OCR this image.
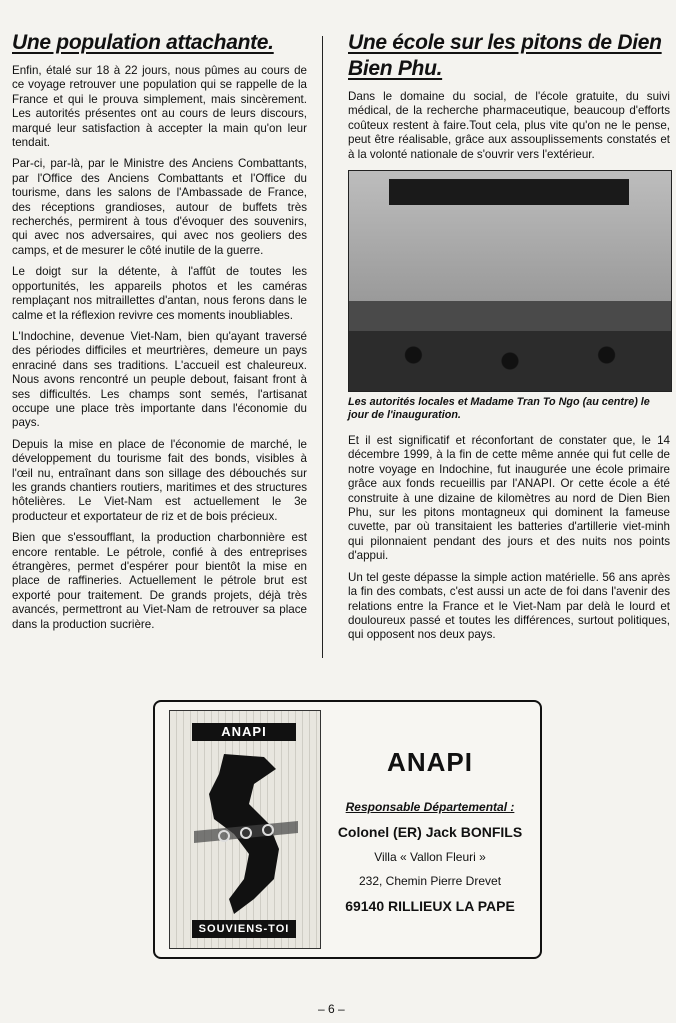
Une population attachante.

Enfin, étalé sur 18 à 22 jours, nous pûmes au cours de ce voyage retrouver une population qui se rappelle de la France et qui le prouva simplement, mais sincèrement. Les autorités présentes ont au cours de leurs discours, marqué leur satisfaction à accepter la main qu'on leur tendait.

Par-ci, par-là, par le Ministre des Anciens Combattants, par l'Office des Anciens Combattants et l'Office du tourisme, dans les salons de l'Ambassade de France, des réceptions grandioses, autour de buffets très recherchés, permirent à tous d'évoquer des souvenirs, qui avec nos adversaires, qui avec nos geoliers des camps, et de mesurer le côté inutile de la guerre.

Le doigt sur la détente, à l'affût de toutes les opportunités, les appareils photos et les caméras remplaçant nos mitraillettes d'antan, nous ferons dans le calme et la réflexion revivre ces moments inoubliables.

L'Indochine, devenue Viet-Nam, bien qu'ayant traversé des périodes difficiles et meurtrières, demeure un pays enraciné dans ses traditions. L'accueil est chaleureux. Nous avons rencontré un peuple debout, faisant front à ses difficultés. Les champs sont semés, l'artisanat occupe une place très importante dans l'économie du pays.

Depuis la mise en place de l'économie de marché, le développement du tourisme fait des bonds, visibles à l'œil nu, entraînant dans son sillage des débouchés sur les grands chantiers routiers, maritimes et des structures hôtelières. Le Viet-Nam est actuellement le 3e producteur et exportateur de riz et de bois précieux.

Bien que s'essoufflant, la production charbonnière est encore rentable. Le pétrole, confié à des entreprises étrangères, permet d'espérer pour bientôt la mise en place de raffineries. Actuellement le pétrole brut est exporté pour traitement. De grands projets, déjà très avancés, permettront au Viet-Nam de retrouver sa place dans la production sucrière.

Une école sur les pitons de Dien Bien Phu.

Dans le domaine du social, de l'école gratuite, du suivi médical, de la recherche pharmaceutique, beaucoup d'efforts coûteux restent à faire.Tout cela, plus vite qu'on ne le pense, peut être réalisable, grâce aux assouplissements constatés et à la volonté nationale de s'ouvrir vers l'extérieur.

Les autorités locales et Madame Tran To Ngo (au centre) le jour de l'inauguration.

Et il est significatif et réconfortant de constater que, le 14 décembre 1999, à la fin de cette même année qui fut celle de notre voyage en Indochine, fut inaugurée une école primaire grâce aux fonds recueillis par l'ANAPI. Or cette école a été construite à une dizaine de kilomètres au nord de Dien Bien Phu, sur les pitons montagneux qui dominent la fameuse cuvette, par où transitaient les batteries d'artillerie viet-minh qui pilonnaient pendant des jours et des nuits nos points d'appui.

Un tel geste dépasse la simple action matérielle. 56 ans après la fin des combats, c'est aussi un acte de foi dans l'avenir des relations entre la France et le Viet-Nam par delà le lourd et douloureux passé et toutes les différences, surtout politiques, qui opposent nos deux pays.

ANAPI
SOUVIENS-TOI
ANAPI
Responsable Départemental :
Colonel (ER) Jack BONFILS
Villa « Vallon Fleuri »
232, Chemin Pierre Drevet
69140 RILLIEUX LA PAPE
– 6 –
